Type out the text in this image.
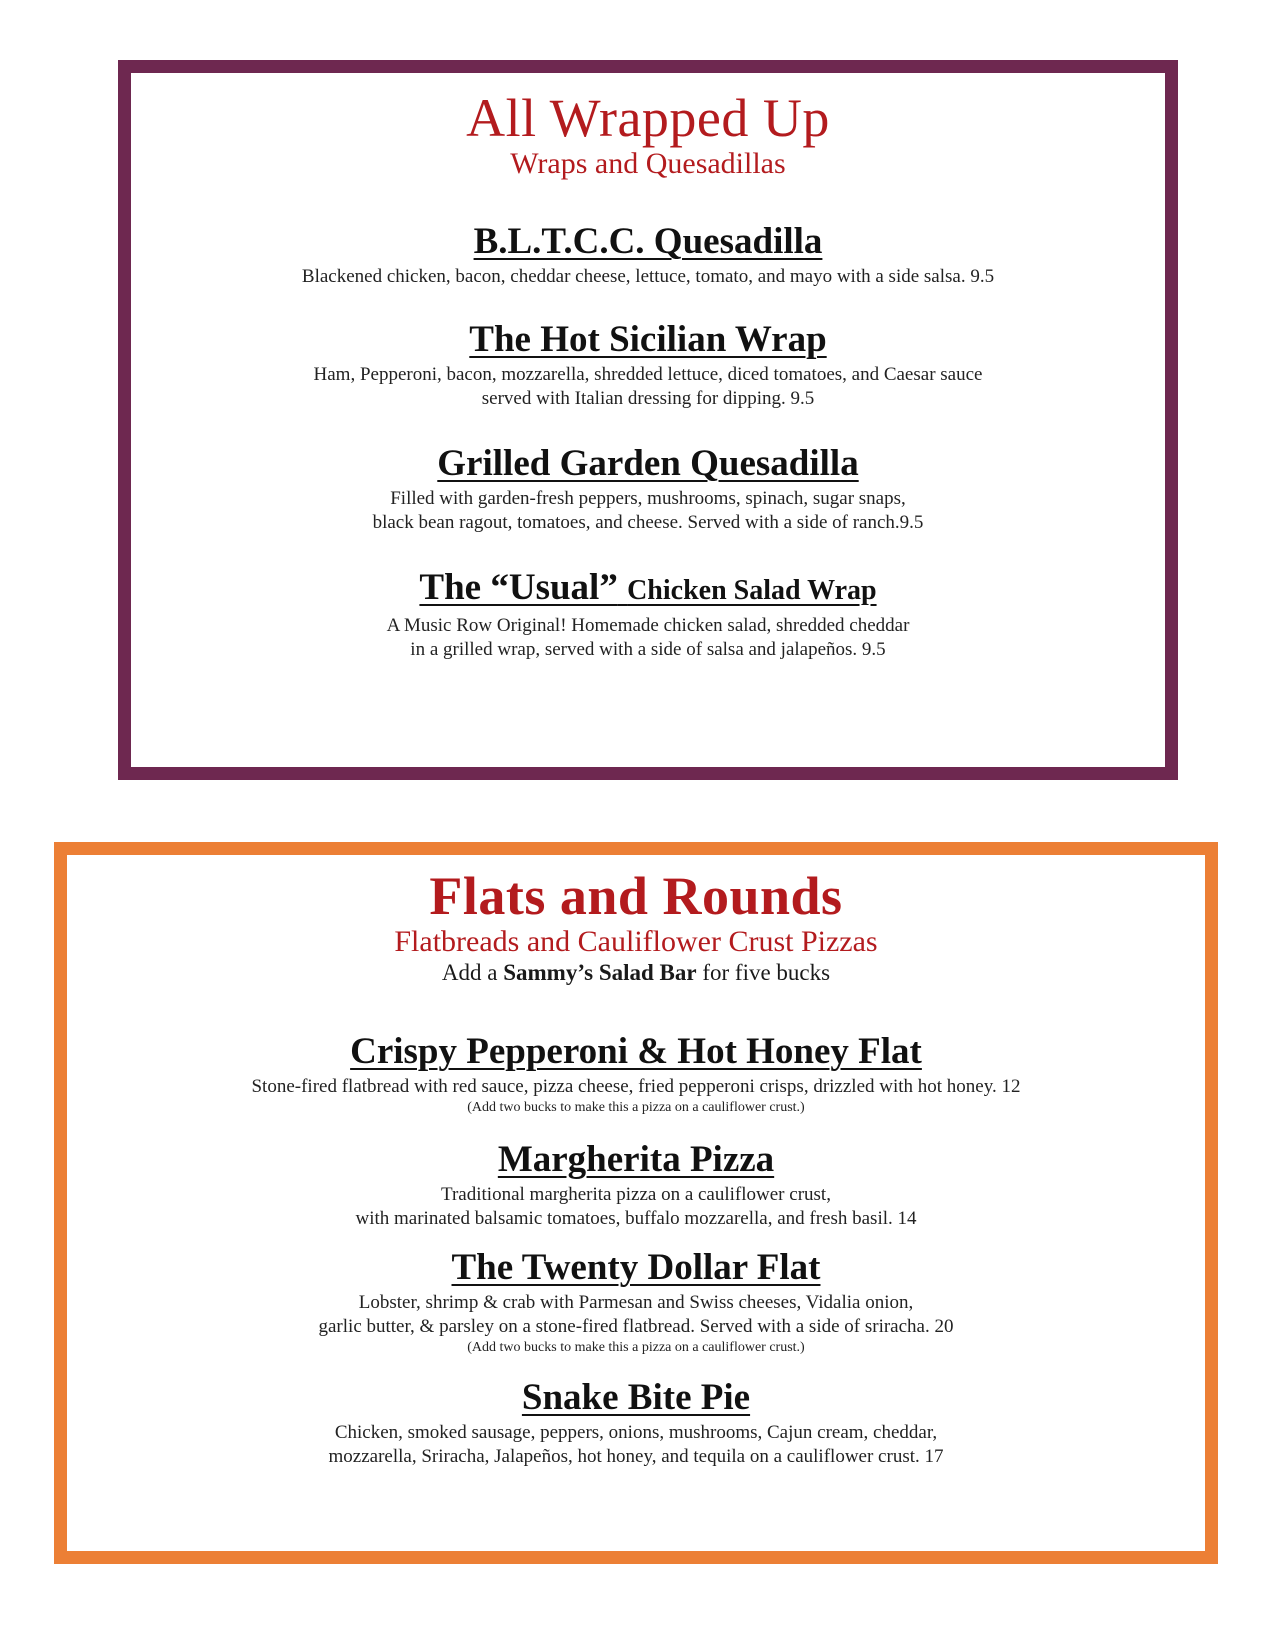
All Wrapped Up

Wraps and Quesadillas

B.L.T.C.C. Quesadilla

Blackened chicken, bacon, cheddar cheese, lettuce, tomato, and mayo with a side salsa. 9.5

The Hot Sicilian Wrap

Ham, Pepperoni, bacon, mozzarella, shredded lettuce, diced tomatoes, and Caesar sauce
served with Italian dressing for dipping. 9.5

Grilled Garden Quesadilla

Filled with garden-fresh peppers, mushrooms, spinach, sugar snaps,
black bean ragout, tomatoes, and cheese. Served with a side of ranch.9.5

The “Usual” Chicken Salad Wrap

A Music Row Original! Homemade chicken salad, shredded cheddar
in a grilled wrap, served with a side of salsa and jalapeños. 9.5

Flats and Rounds

Flatbreads and Cauliflower Crust Pizzas

Add a Sammy’s Salad Bar for five bucks

Crispy Pepperoni & Hot Honey Flat

Stone-fired flatbread with red sauce, pizza cheese, fried pepperoni crisps, drizzled with hot honey. 12

(Add two bucks to make this a pizza on a cauliflower crust.)

Margherita Pizza

Traditional margherita pizza on a cauliflower crust,
with marinated balsamic tomatoes, buffalo mozzarella, and fresh basil. 14

The Twenty Dollar Flat

Lobster, shrimp & crab with Parmesan and Swiss cheeses, Vidalia onion,
garlic butter, & parsley on a stone-fired flatbread. Served with a side of sriracha. 20

(Add two bucks to make this a pizza on a cauliflower crust.)

Snake Bite Pie

Chicken, smoked sausage, peppers, onions, mushrooms, Cajun cream, cheddar,
mozzarella, Sriracha, Jalapeños, hot honey, and tequila on a cauliflower crust. 17
